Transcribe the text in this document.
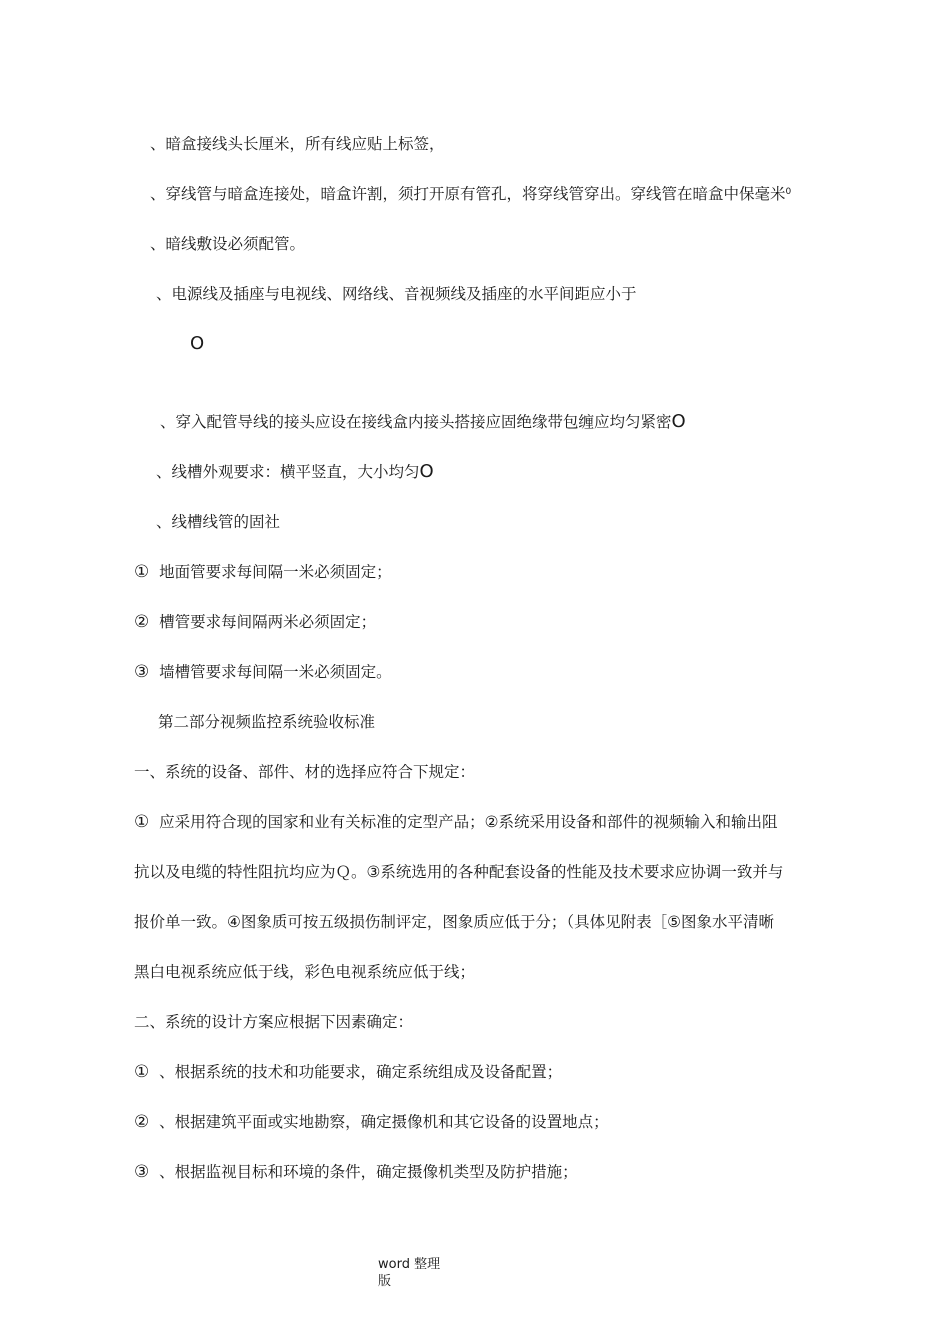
、暗盒接线头长厘米，所有线应贴上标签，
、穿线管与暗盒连接处，暗盒许割，须打开原有管孔，将穿线管穿出。穿线管在暗盒中保毫米$^0$
、暗线敷设必须配管。
、电源线及插座与电视线、网络线、音视频线及插座的水平间距应小于
O
、穿入配管导线的接头应设在接线盒内接头搭接应固绝缘带包缠应均匀紧密O
、线槽外观要求：横平竖直，大小均匀O
、线槽线管的固社
① 地面管要求每间隔一米必须固定；
② 槽管要求每间隔两米必须固定；
③ 墙槽管要求每间隔一米必须固定。
第二部分视频监控系统验收标准
一、系统的设备、部件、材的选择应符合下规定：
① 应采用符合现的国家和业有关标准的定型产品；②系统采用设备和部件的视频输入和输出阻
抗以及电缆的特性阻抗均应为Ｑ。③系统选用的各种配套设备的性能及技术要求应协调一致并与
报价单一致。④图象质可按五级损伤制评定，图象质应低于分；（具体见附表［⑤图象水平清晰
黑白电视系统应低于线，彩色电视系统应低于线；
二、系统的设计方案应根据下因素确定：
① 、根据系统的技术和功能要求，确定系统组成及设备配置；
② 、根据建筑平面或实地勘察，确定摄像机和其它设备的设置地点；
③ 、根据监视目标和环境的条件，确定摄像机类型及防护措施；
word 整理
版
